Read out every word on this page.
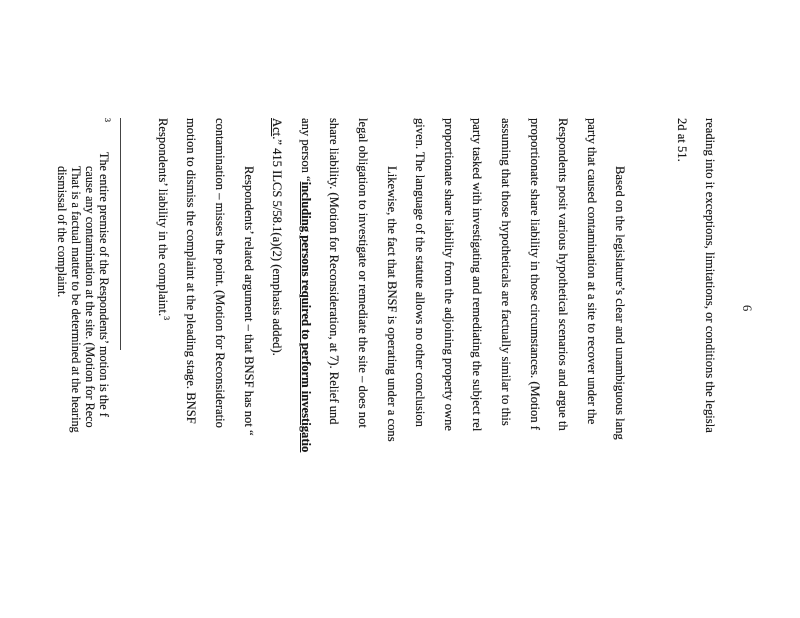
6
reading into it exceptions, limitations, or conditions the legisla
2d at 51.
Based on the legislature’s clear and unambiguous lang
party that caused contamination at a site to recover under the
Respondents posit various hypothetical scenarios and argue th
proportionate share liability in those circumstances. (Motion f
assuming that those hypotheticals are factually similar to this
party tasked with investigating and remediating the subject rel
proportionate share liability from the adjoining property owne
given. The language of the statute allows no other conclusion
Likewise, the fact that BNSF is operating under a cons
legal obligation to investigate or remediate the site – does not
share liability. (Motion for Reconsideration, at 7). Relief und
any person “including persons required to perform investigatio
Act.” 415 ILCS 5/58.1(a)(2) (emphasis added).
Respondents’ related argument – that BNSF has not “
contamination – misses the point. (Motion for Reconsideratio
motion to dismiss the complaint at the pleading stage. BNSF
Respondents’ liability in the complaint.$^3$
$^3$The entire premise of the Respondents’ motion is the f
cause any contamination at the site. (Motion for Reco
That is a factual matter to be determined at the hearing
dismissal of the complaint.
